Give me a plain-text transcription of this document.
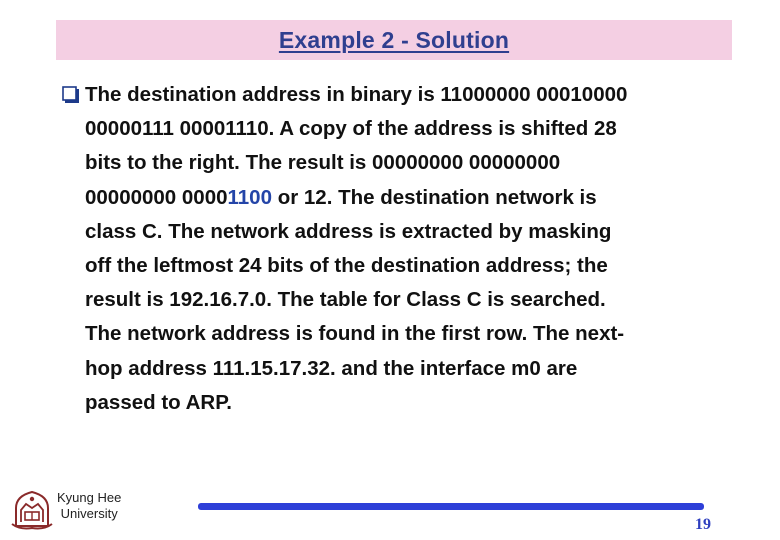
Example 2 - Solution
The destination address in binary is 11000000 00010000
00000111 00001110. A copy of the address is shifted 28
bits to the right. The result is 00000000 00000000
00000000 00001100 or 12. The destination network is
class C. The network address is extracted by masking
off the leftmost 24 bits of the destination address; the
result is 192.16.7.0. The table for Class C is searched.
The network address is found in the first row. The next-
hop address 111.15.17.32. and the interface m0 are
passed to ARP.
Kyung Hee
University
19
